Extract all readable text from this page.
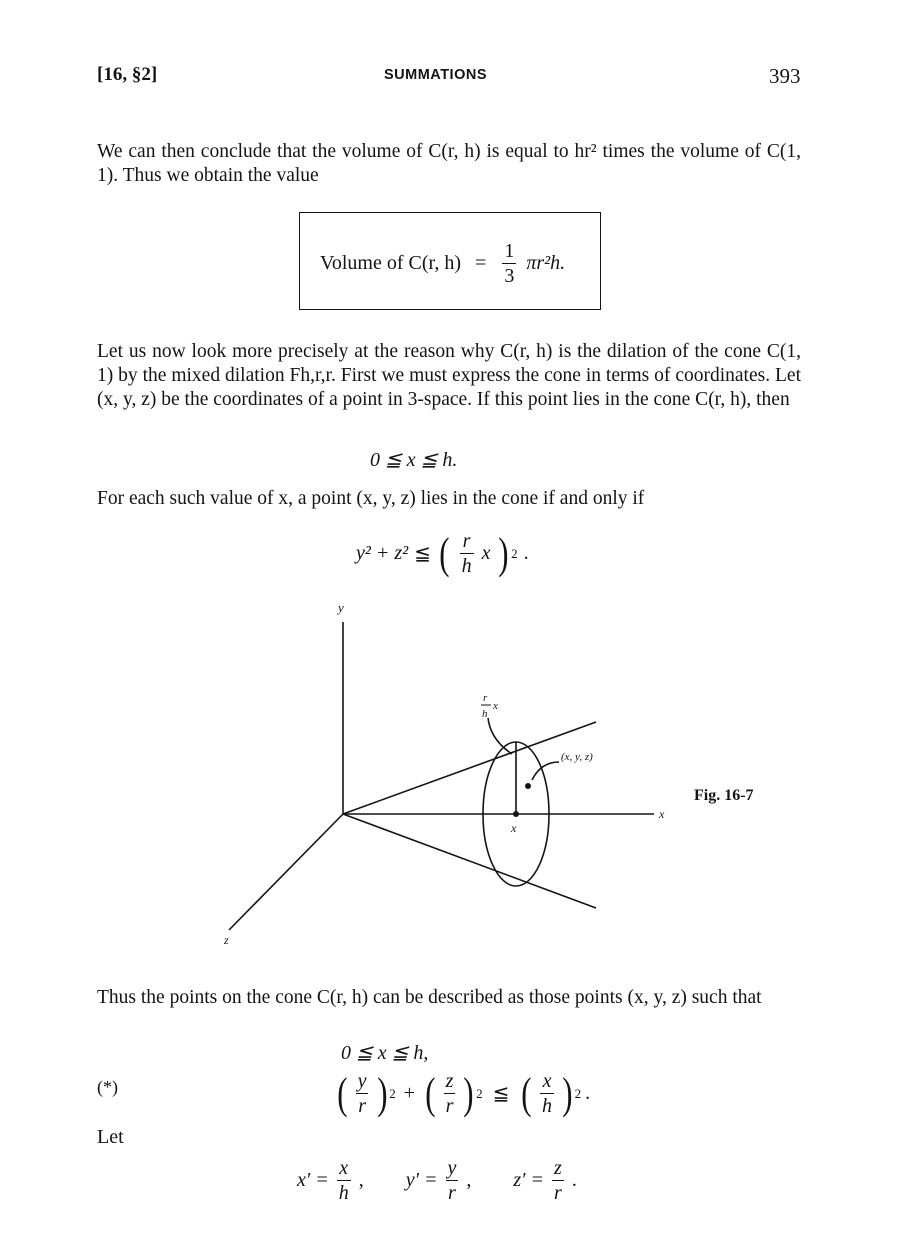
[16, §2]	SUMMATIONS	393
We can then conclude that the volume of C(r, h) is equal to hr² times the volume of C(1, 1). Thus we obtain the value
Volume of C(r, $h) = \frac{1}{3} \pi r^2h$.
Let us now look more precisely at the reason why C(r, h) is the dilation of the cone C(1, 1) by the mixed dilation Fh,r,r. First we must express the cone in terms of coordinates. Let (x, y, z) be the coordinates of a point in 3-space. If this point lies in the cone C(r, h), then
0 ≦ x ≦ h.
For each such value of x, a point (x, y, z) lies in the cone if and only if
y² + z² ≦ ( $\frac{r}{h}$ x ) 2 .
y
x
z
(x, y, z)
x
r
h
x
Fig. 16-7
Thus the points on the cone C(r, h) can be described as those points (x, y, z) such that
0 ≦ x ≦ h,
(*)	( $\frac{y}{r}$ ) 2 + ( $\frac{z}{r}$ ) 2 ≦ ( $\frac{x}{h}$ ) 2 .
Let
$x' = \frac{x}{h}$ , $y' = \frac{y}{r}$ , $z' = \frac{z}{r}$ .
